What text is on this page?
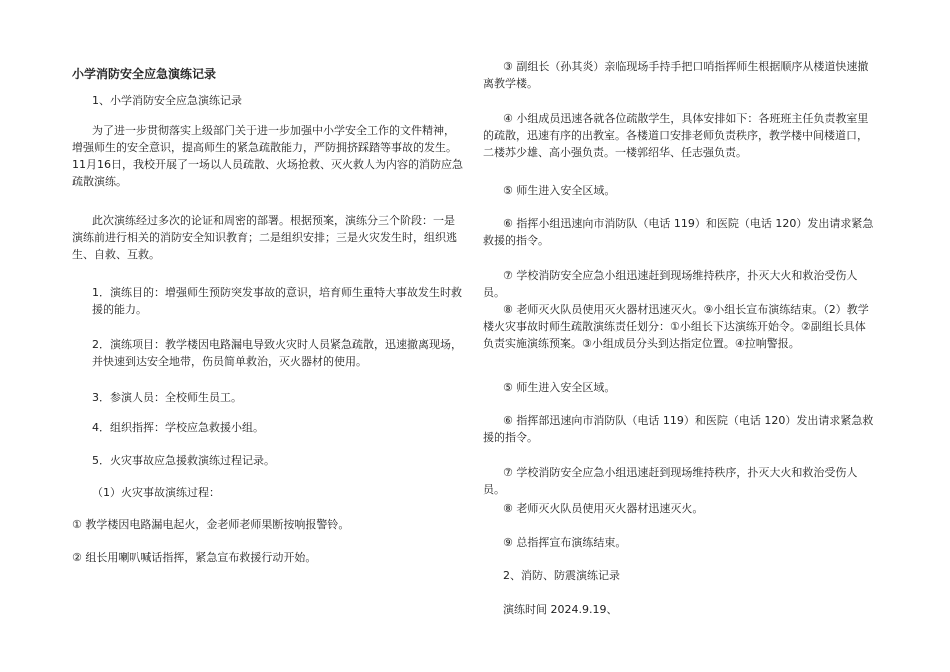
小学消防安全应急演练记录

1、小学消防安全应急演练记录

为了进一步贯彻落实上级部门关于进一步加强中小学安全工作的文件精神，增强师生的安全意识，提高师生的紧急疏散能力，严防拥挤踩踏等事故的发生。11月16日，我校开展了一场以人员疏散、火场抢救、灭火救人为内容的消防应急疏散演练。

此次演练经过多次的论证和周密的部署。根据预案，演练分三个阶段：一是演练前进行相关的消防安全知识教育；二是组织安排；三是火灾发生时，组织逃生、自救、互救。

1．演练目的：增强师生预防突发事故的意识，培育师生重特大事故发生时救援的能力。

2．演练项目：教学楼因电路漏电导致火灾时人员紧急疏散，迅速撤离现场，并快速到达安全地带，伤员简单救治，灭火器材的使用。

3．参演人员：全校师生员工。

4．组织指挥：学校应急救援小组。

5．火灾事故应急援救演练过程记录。

（1）火灾事故演练过程：

① 教学楼因电路漏电起火，金老师老师果断按响报警铃。

② 组长用喇叭喊话指挥，紧急宣布救援行动开始。

③ 副组长（孙其炎）亲临现场手持手把口哨指挥师生根据顺序从楼道快速撤离教学楼。

④ 小组成员迅速各就各位疏散学生，具体安排如下：各班班主任负责教室里的疏散，迅速有序的出教室。各楼道口安排老师负责秩序，教学楼中间楼道口，二楼苏少雄、高小强负责。一楼郭绍华、任志强负责。

⑤ 师生进入安全区域。

⑥ 指挥小组迅速向市消防队（电话 119）和医院（电话 120）发出请求紧急救援的指令。

⑦ 学校消防安全应急小组迅速赶到现场维持秩序，扑灭大火和救治受伤人员。

⑧ 老师灭火队员使用灭火器材迅速灭火。⑨小组长宣布演练结束。（2）教学楼火灾事故时师生疏散演练责任划分：①小组长下达演练开始令。②副组长具体负责实施演练预案。③小组成员分头到达指定位置。④拉响警报。

⑤ 师生进入安全区域。

⑥ 指挥部迅速向市消防队（电话 119）和医院（电话 120）发出请求紧急救援的指令。

⑦ 学校消防安全应急小组迅速赶到现场维持秩序，扑灭大火和救治受伤人员。

⑧ 老师灭火队员使用灭火器材迅速灭火。

⑨ 总指挥宣布演练结束。

2、消防、防震演练记录

演练时间 2024.9.19、
